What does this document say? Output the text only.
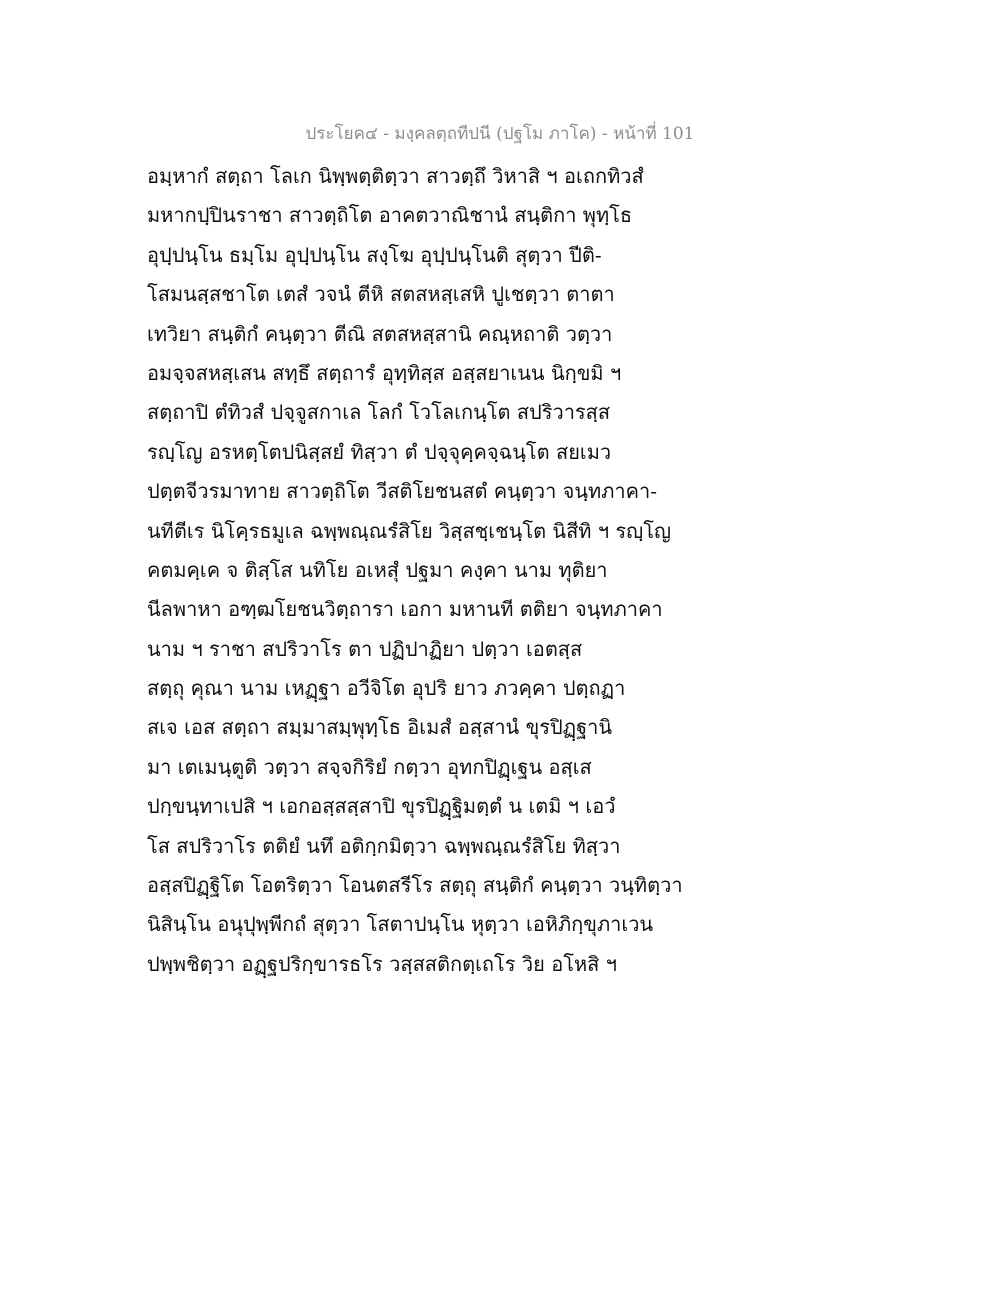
ประโยค๔ - มงฺคลตฺถทีปนี (ปฐโม ภาโค) - หน้าที่ 101
อมฺหากํ สตฺถา โลเก นิพฺพตฺติตฺวา สาวตฺถึ วิหาสิ ฯ อเถกทิวสํ
มหากปฺปินราชา สาวตฺถิโต อาคตวาณิชานํ สนฺติกา พุทฺโธ
อุปฺปนฺโน ธมฺโม อุปฺปนฺโน สงฺโฆ อุปฺปนฺโนติ สุตฺวา ปีติ-
โสมนสฺสชาโต เตสํ วจนํ ตีหิ สตสหสฺเสหิ ปูเชตฺวา ตาตา
เทวิยา สนฺติกํ คนฺตฺวา ตีณิ สตสหสฺสานิ คณฺหถาติ วตฺวา
อมจฺจสหสฺเสน สทฺธึ สตฺถารํ อุทฺทิสฺส อสฺสยาเนน นิกฺขมิ ฯ
สตฺถาปิ ตํทิวสํ ปจฺจูสกาเล โลกํ โวโลเกนฺโต สปริวารสฺส
รญฺโญ อรหตฺโตปนิสฺสยํ ทิสฺวา ตํ ปจฺจุคฺคจฺฉนฺโต สยเมว
ปตฺตจีวรมาทาย สาวตฺถิโต วีสติโยชนสตํ คนฺตฺวา จนฺทภาคา-
นทีตีเร นิโคฺรธมูเล ฉพฺพณฺณรํสิโย วิสฺสชฺเชนฺโต นิสีทิ ฯ รญฺโญ
คตมคฺเค จ ติสฺโส นทิโย อเหสุํ ปฐมา คงฺคา นาม ทุติยา
นีลพาหา อฑฺฒโยชนวิตฺถารา เอกา มหานที ตติยา จนฺทภาคา
นาม ฯ ราชา สปริวาโร ตา ปฏิปาฏิยา ปตฺวา เอตสฺส
สตฺถุ คุณา นาม เหฏฺฐา อวีจิโต อุปริ ยาว ภวคฺคา ปตฺถฏา
สเจ เอส สตฺถา สมฺมาสมฺพุทฺโธ อิเมสํ อสฺสานํ ขุรปิฏฺฐานิ
มา เตเมนฺตูติ วตฺวา สจฺจกิริยํ กตฺวา อุทกปิฏฺเฐน อสฺเส
ปกฺขนฺทาเปสิ ฯ เอกอสฺสสฺสาปิ ขุรปิฏฺฐิมตฺตํ น เตมิ ฯ เอวํ
โส สปริวาโร ตติยํ นทึ อติกฺกมิตฺวา ฉพฺพณฺณรํสิโย ทิสฺวา
อสฺสปิฏฺฐิโต โอตริตฺวา โอนตสรีโร สตฺถุ สนฺติกํ คนฺตฺวา วนฺทิตฺวา
นิสินฺโน อนุปุพฺพีกถํ สุตฺวา โสตาปนฺโน หุตฺวา เอหิภิกฺขุภาเวน
ปพฺพชิตฺวา อฏฺฐปริกฺขารธโร วสฺสสติกตฺเถโร วิย อโหสิ ฯ
